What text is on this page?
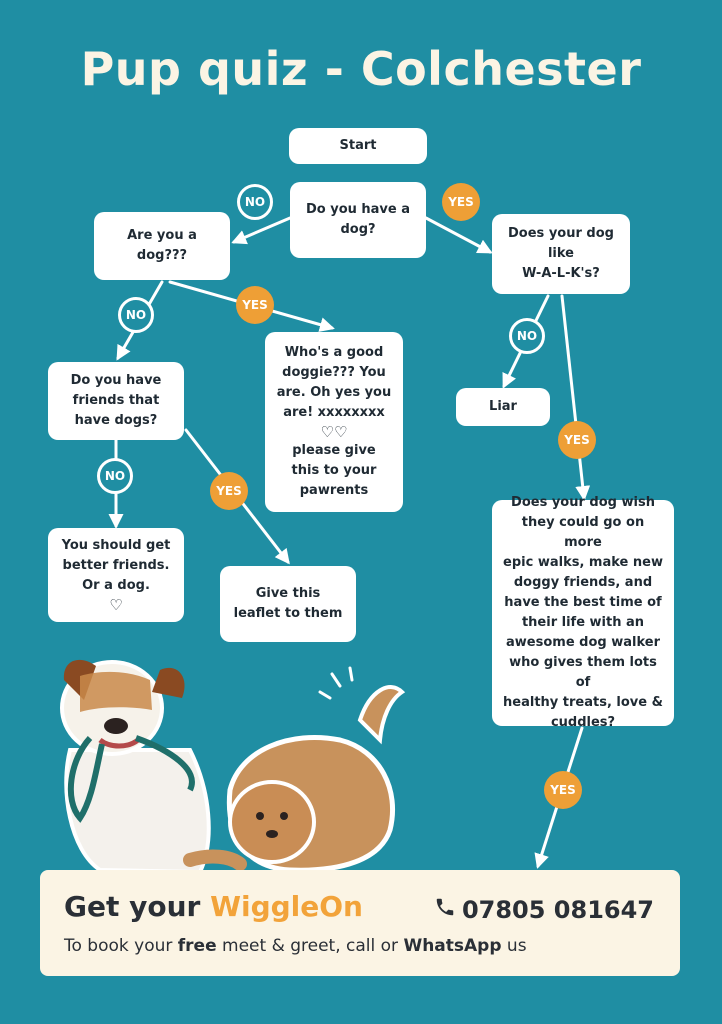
Pup quiz - Colchester
Start
Do you have a
dog?
Are you a
dog???
Does your dog
like
W-A-L-K's?
Do you have
friends that
have dogs?
Who's a good
doggie??? You
are. Oh yes you
are! xxxxxxxx
♡♡
please give
this to your
pawrents
Liar
You should get
better friends.
Or a dog.
♡
Give this
leaflet to them
Does your dog wish
they could go on more
epic walks, make new
doggy friends, and
have the best time of
their life with an
awesome dog walker
who gives them lots of
healthy treats, love &
cuddles?
NO	YES
NO
YES
NO
YES
NO
YES
YES
Get your WiggleOn	07805 081647
To book your free meet & greet, call or WhatsApp us
